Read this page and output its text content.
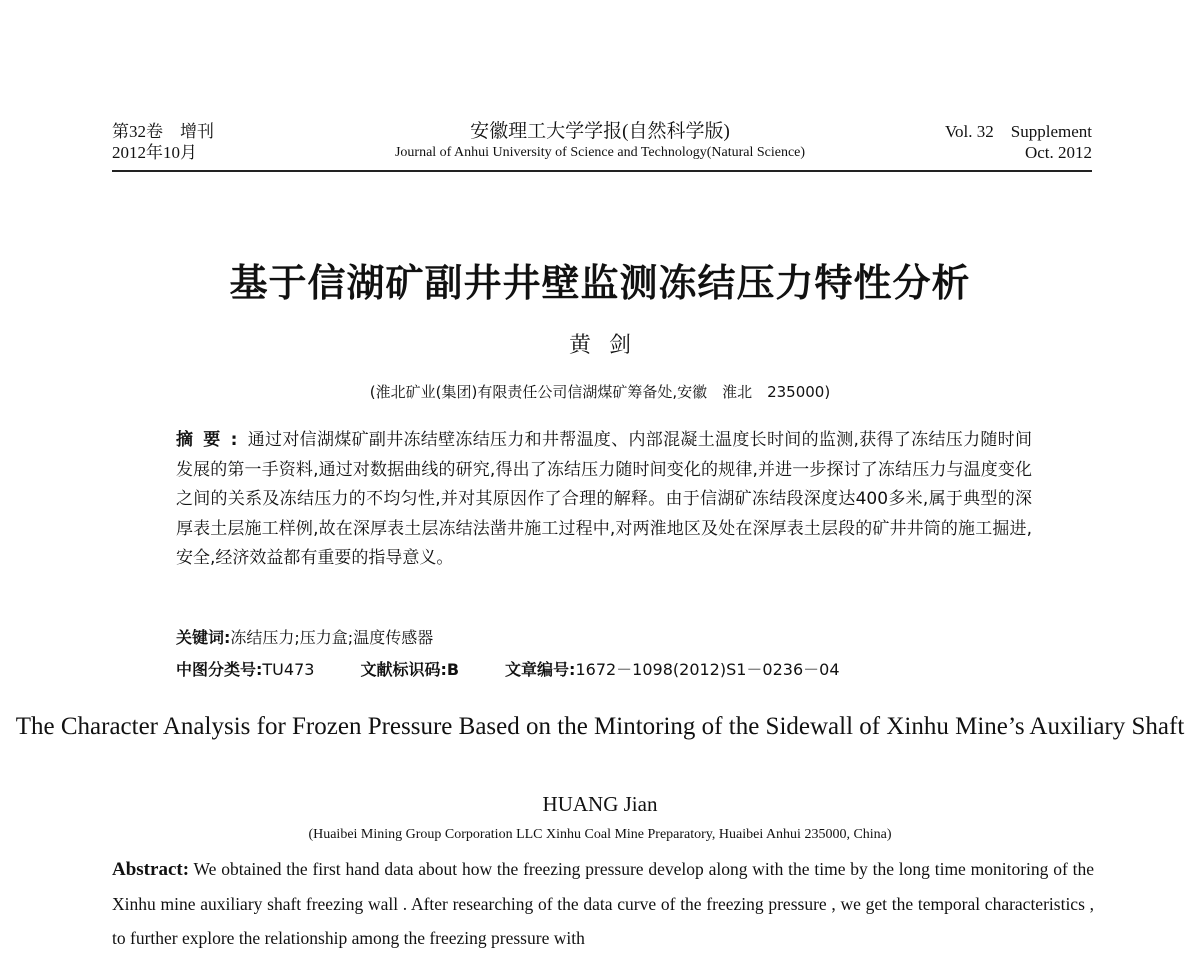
第32卷　增刊
2012年10月
安徽理工大学学报(自然科学版)
Journal of Anhui University of Science and Technology(Natural Science)
Vol. 32　Supplement
Oct. 2012
基于信湖矿副井井壁监测冻结压力特性分析
黄剑
(淮北矿业(集团)有限责任公司信湖煤矿筹备处,安徽　淮北　235000)
摘要:通过对信湖煤矿副井冻结壁冻结压力和井帮温度、内部混凝土温度长时间的监测,获得了冻结压力随时间发展的第一手资料,通过对数据曲线的研究,得出了冻结压力随时间变化的规律,并进一步探讨了冻结压力与温度变化之间的关系及冻结压力的不均匀性,并对其原因作了合理的解释。由于信湖矿冻结段深度达400多米,属于典型的深厚表土层施工样例,故在深厚表土层冻结法凿井施工过程中,对两淮地区及处在深厚表土层段的矿井井筒的施工掘进,安全,经济效益都有重要的指导意义。
关键词:冻结压力;压力盒;温度传感器
中图分类号:TU473	文献标识码:B	文章编号:1672－1098(2012)S1－0236－04
The Character Analysis for Frozen Pressure Based on the Mintoring of the Sidewall of Xinhu Mine’s Auxiliary Shaft
HUANG Jian
(Huaibei Mining Group Corporation LLC Xinhu Coal Mine Preparatory, Huaibei Anhui 235000, China)
Abstract: We obtained the first hand data about how the freezing pressure develop along with the time by the long time monitoring of the Xinhu mine auxiliary shaft freezing wall . After researching of the data curve of the freezing pressure , we get the temporal characteristics , to further explore the relationship among the freezing pressure with
